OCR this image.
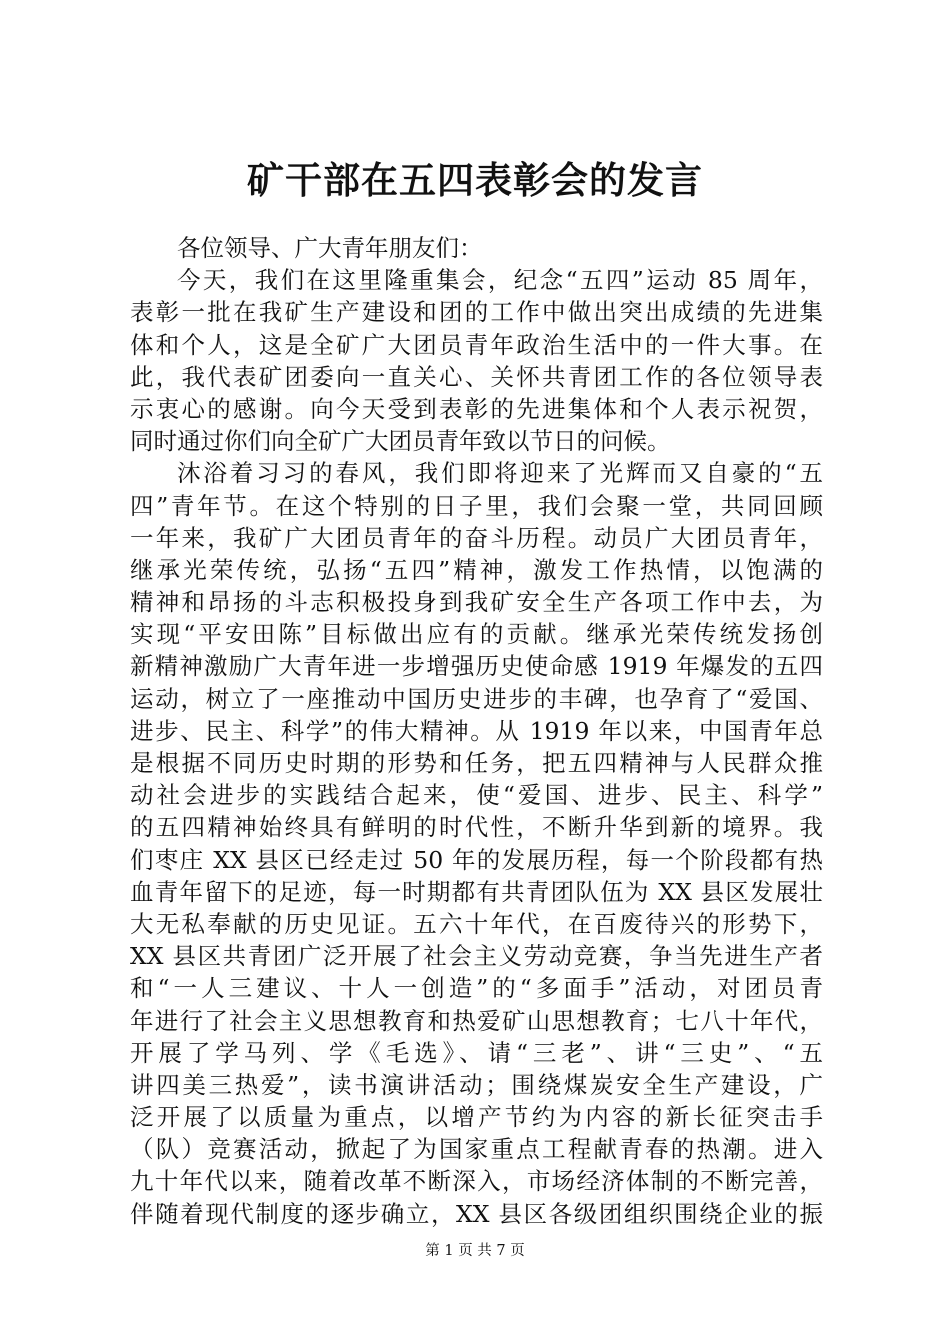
矿干部在五四表彰会的发言
各位领导、广大青年朋友们：
今天，我们在这里隆重集会，纪念“五四”运动 85 周年，
表彰一批在我矿生产建设和团的工作中做出突出成绩的先进集
体和个人，这是全矿广大团员青年政治生活中的一件大事。在
此，我代表矿团委向一直关心、关怀共青团工作的各位领导表
示衷心的感谢。向今天受到表彰的先进集体和个人表示祝贺，
同时通过你们向全矿广大团员青年致以节日的问候。
沐浴着习习的春风，我们即将迎来了光辉而又自豪的“五
四”青年节。在这个特别的日子里，我们会聚一堂，共同回顾
一年来，我矿广大团员青年的奋斗历程。动员广大团员青年，
继承光荣传统，弘扬“五四”精神，激发工作热情，以饱满的
精神和昂扬的斗志积极投身到我矿安全生产各项工作中去，为
实现“平安田陈”目标做出应有的贡献。继承光荣传统发扬创
新精神激励广大青年进一步增强历史使命感 1919 年爆发的五四
运动，树立了一座推动中国历史进步的丰碑，也孕育了“爱国、
进步、民主、科学”的伟大精神。从 1919 年以来，中国青年总
是根据不同历史时期的形势和任务，把五四精神与人民群众推
动社会进步的实践结合起来，使“爱国、进步、民主、科学”
的五四精神始终具有鲜明的时代性，不断升华到新的境界。我
们枣庄 XX 县区已经走过 50 年的发展历程，每一个阶段都有热
血青年留下的足迹，每一时期都有共青团队伍为 XX 县区发展壮
大无私奉献的历史见证。五六十年代，在百废待兴的形势下，
XX 县区共青团广泛开展了社会主义劳动竞赛，争当先进生产者
和“一人三建议、十人一创造”的“多面手”活动，对团员青
年进行了社会主义思想教育和热爱矿山思想教育；七八十年代，
开展了学马列、学《毛选》、请“三老”、讲“三史”、“五
讲四美三热爱”，读书演讲活动；围绕煤炭安全生产建设，广
泛开展了以质量为重点，以增产节约为内容的新长征突击手
（队）竞赛活动，掀起了为国家重点工程献青春的热潮。进入
九十年代以来，随着改革不断深入，市场经济体制的不断完善，
伴随着现代制度的逐步确立，XX 县区各级团组织围绕企业的振
第 1 页 共 7 页
